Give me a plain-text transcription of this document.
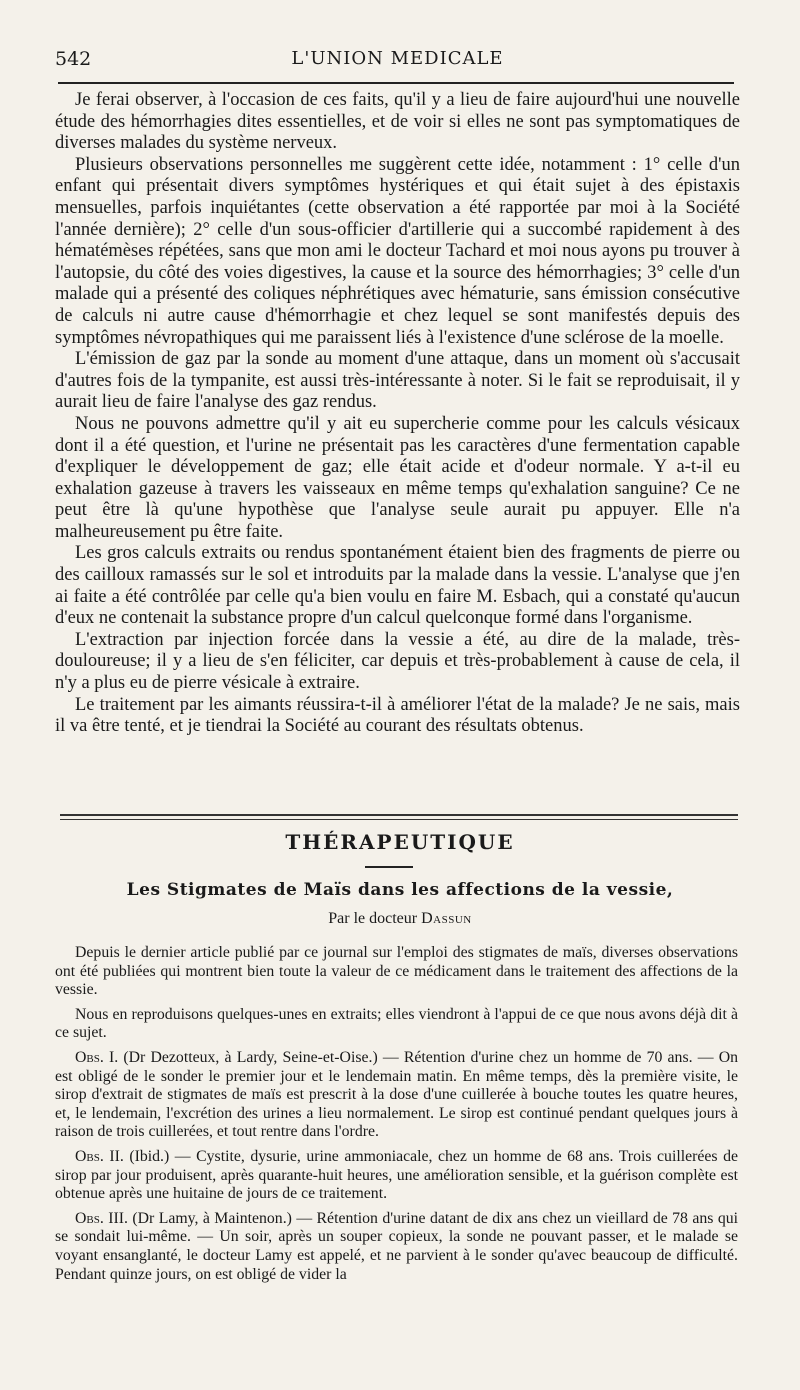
542	L'UNION MEDICALE

Je ferai observer, à l'occasion de ces faits, qu'il y a lieu de faire aujourd'hui une nouvelle étude des hémorrhagies dites essentielles, et de voir si elles ne sont pas symptomatiques de diverses malades du système nerveux.

Plusieurs observations personnelles me suggèrent cette idée, notamment : 1° celle d'un enfant qui présentait divers symptômes hystériques et qui était sujet à des épistaxis mensuelles, parfois inquiétantes (cette observation a été rapportée par moi à la Société l'année dernière); 2° celle d'un sous-officier d'artillerie qui a succombé rapidement à des hématémèses répétées, sans que mon ami le docteur Tachard et moi nous ayons pu trouver à l'autopsie, du côté des voies digestives, la cause et la source des hémorrhagies; 3° celle d'un malade qui a présenté des coliques néphrétiques avec hématurie, sans émission consécutive de calculs ni autre cause d'hémorrhagie et chez lequel se sont manifestés depuis des symptômes névropathiques qui me paraissent liés à l'existence d'une sclérose de la moelle.

L'émission de gaz par la sonde au moment d'une attaque, dans un moment où s'accusait d'autres fois de la tympanite, est aussi très-intéressante à noter. Si le fait se reproduisait, il y aurait lieu de faire l'analyse des gaz rendus.

Nous ne pouvons admettre qu'il y ait eu supercherie comme pour les calculs vésicaux dont il a été question, et l'urine ne présentait pas les caractères d'une fermentation capable d'expliquer le développement de gaz; elle était acide et d'odeur normale. Y a-t-il eu exhalation gazeuse à travers les vaisseaux en même temps qu'exhalation sanguine? Ce ne peut être là qu'une hypothèse que l'analyse seule aurait pu appuyer. Elle n'a malheureusement pu être faite.

Les gros calculs extraits ou rendus spontanément étaient bien des fragments de pierre ou des cailloux ramassés sur le sol et introduits par la malade dans la vessie. L'analyse que j'en ai faite a été contrôlée par celle qu'a bien voulu en faire M. Esbach, qui a constaté qu'aucun d'eux ne contenait la substance propre d'un calcul quelconque formé dans l'organisme.

L'extraction par injection forcée dans la vessie a été, au dire de la malade, très-douloureuse; il y a lieu de s'en féliciter, car depuis et très-probablement à cause de cela, il n'y a plus eu de pierre vésicale à extraire.

Le traitement par les aimants réussira-t-il à améliorer l'état de la malade? Je ne sais, mais il va être tenté, et je tiendrai la Société au courant des résultats obtenus.

THÉRAPEUTIQUE
Les Stigmates de Maïs dans les affections de la vessie,
Par le docteur Dassun

Depuis le dernier article publié par ce journal sur l'emploi des stigmates de maïs, diverses observations ont été publiées qui montrent bien toute la valeur de ce médicament dans le traitement des affections de la vessie.

Nous en reproduisons quelques-unes en extraits; elles viendront à l'appui de ce que nous avons déjà dit à ce sujet.

Obs. I. (Dr Dezotteux, à Lardy, Seine-et-Oise.) — Rétention d'urine chez un homme de 70 ans. — On est obligé de le sonder le premier jour et le lendemain matin. En même temps, dès la première visite, le sirop d'extrait de stigmates de maïs est prescrit à la dose d'une cuillerée à bouche toutes les quatre heures, et, le lendemain, l'excrétion des urines a lieu normalement. Le sirop est continué pendant quelques jours à raison de trois cuillerées, et tout rentre dans l'ordre.

Obs. II. (Ibid.) — Cystite, dysurie, urine ammoniacale, chez un homme de 68 ans. Trois cuillerées de sirop par jour produisent, après quarante-huit heures, une amélioration sensible, et la guérison complète est obtenue après une huitaine de jours de ce traitement.

Obs. III. (Dr Lamy, à Maintenon.) — Rétention d'urine datant de dix ans chez un vieillard de 78 ans qui se sondait lui-même. — Un soir, après un souper copieux, la sonde ne pouvant passer, et le malade se voyant ensanglanté, le docteur Lamy est appelé, et ne parvient à le sonder qu'avec beaucoup de difficulté. Pendant quinze jours, on est obligé de vider la
